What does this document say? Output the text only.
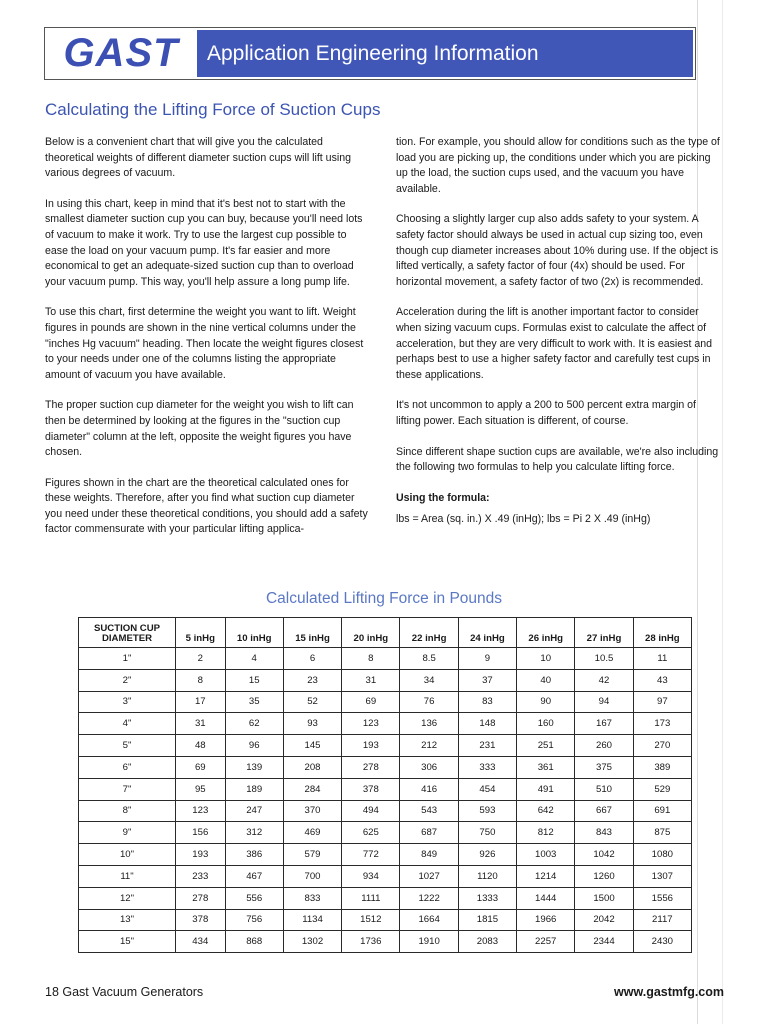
GAST	Application Engineering Information
Calculating the Lifting Force of Suction Cups

Below is a convenient chart that will give you the calculated theoretical weights of different diameter suction cups will lift using various degrees of vacuum.

In using this chart, keep in mind that it's best not to start with the smallest diameter suction cup you can buy, because you'll need lots of vacuum to make it work. Try to use the largest cup possible to ease the load on your vacuum pump. It's far easier and more economical to get an adequate-sized suction cup than to overload your vacuum pump. This way, you'll help assure a long pump life.

To use this chart, first determine the weight you want to lift. Weight figures in pounds are shown in the nine vertical columns under the "inches Hg vacuum" heading. Then locate the weight figures closest to your needs under one of the columns listing the appropriate amount of vacuum you have available.

The proper suction cup diameter for the weight you wish to lift can then be determined by looking at the figures in the "suction cup diameter" column at the left, opposite the weight figures you have chosen.

Figures shown in the chart are the theoretical calculated ones for these weights. Therefore, after you find what suction cup diameter you need under these theoretical conditions, you should add a safety factor commensurate with your particular lifting applica-

tion. For example, you should allow for conditions such as the type of load you are picking up, the conditions under which you are picking up the load, the suction cups used, and the vacuum you have available.

Choosing a slightly larger cup also adds safety to your system. A safety factor should always be used in actual cup sizing too, even though cup diameter increases about 10% during use. If the object is lifted vertically, a safety factor of four (4x) should be used. For horizontal movement, a safety factor of two (2x) is recommended.

Acceleration during the lift is another important factor to consider when sizing vacuum cups. Formulas exist to calculate the affect of acceleration, but they are very difficult to work with. It is easiest and perhaps best to use a higher safety factor and carefully test cups in these applications.

It's not uncommon to apply a 200 to 500 percent extra margin of lifting power. Each situation is different, of course.

Since different shape suction cups are available, we're also including the following two formulas to help you calculate lifting force.

Using the formula:

lbs = Area (sq. in.) X .49 (inHg); lbs = Pi 2 X .49 (inHg)

Calculated Lifting Force in Pounds
SUCTION CUP DIAMETER	5 inHg	10 inHg	15 inHg	20 inHg	22 inHg	24 inHg	26 inHg	27 inHg	28 inHg
1"	2	4	6	8	8.5	9	10	10.5	11
2"	8	15	23	31	34	37	40	42	43
3"	17	35	52	69	76	83	90	94	97
4"	31	62	93	123	136	148	160	167	173
5"	48	96	145	193	212	231	251	260	270
6"	69	139	208	278	306	333	361	375	389
7"	95	189	284	378	416	454	491	510	529
8"	123	247	370	494	543	593	642	667	691
9"	156	312	469	625	687	750	812	843	875
10"	193	386	579	772	849	926	1003	1042	1080
11"	233	467	700	934	1027	1120	1214	1260	1307
12"	278	556	833	1111	1222	1333	1444	1500	1556
13"	378	756	1134	1512	1664	1815	1966	2042	2117
15"	434	868	1302	1736	1910	2083	2257	2344	2430
18 Gast Vacuum Generators	www.gastmfg.com
